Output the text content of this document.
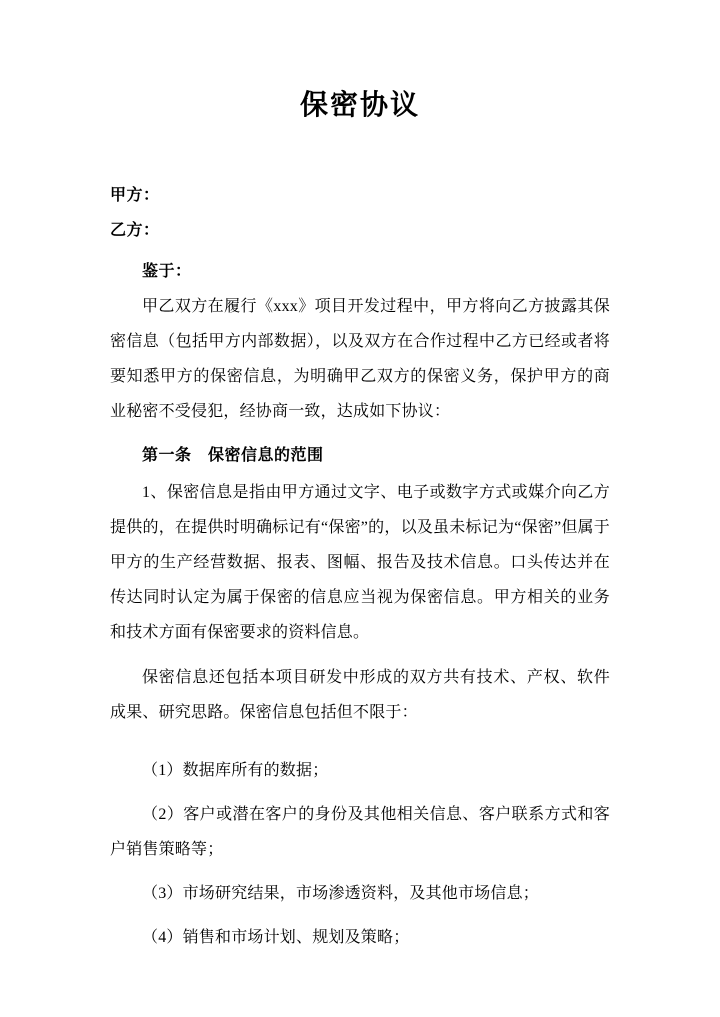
保密协议

甲方：

乙方：

鉴于：

甲乙双方在履行《xxx》项目开发过程中，甲方将向乙方披露其保密信息（包括甲方内部数据），以及双方在合作过程中乙方已经或者将要知悉甲方的保密信息，为明确甲乙双方的保密义务，保护甲方的商业秘密不受侵犯，经协商一致，达成如下协议：

第一条　保密信息的范围

1、保密信息是指由甲方通过文字、电子或数字方式或媒介向乙方提供的，在提供时明确标记有“保密”的，以及虽未标记为“保密”但属于甲方的生产经营数据、报表、图幅、报告及技术信息。口头传达并在传达同时认定为属于保密的信息应当视为保密信息。甲方相关的业务和技术方面有保密要求的资料信息。

保密信息还包括本项目研发中形成的双方共有技术、产权、软件成果、研究思路。保密信息包括但不限于：

（1）数据库所有的数据；

（2）客户或潜在客户的身份及其他相关信息、客户联系方式和客户销售策略等；

（3）市场研究结果，市场渗透资料，及其他市场信息；

（4）销售和市场计划、规划及策略；
